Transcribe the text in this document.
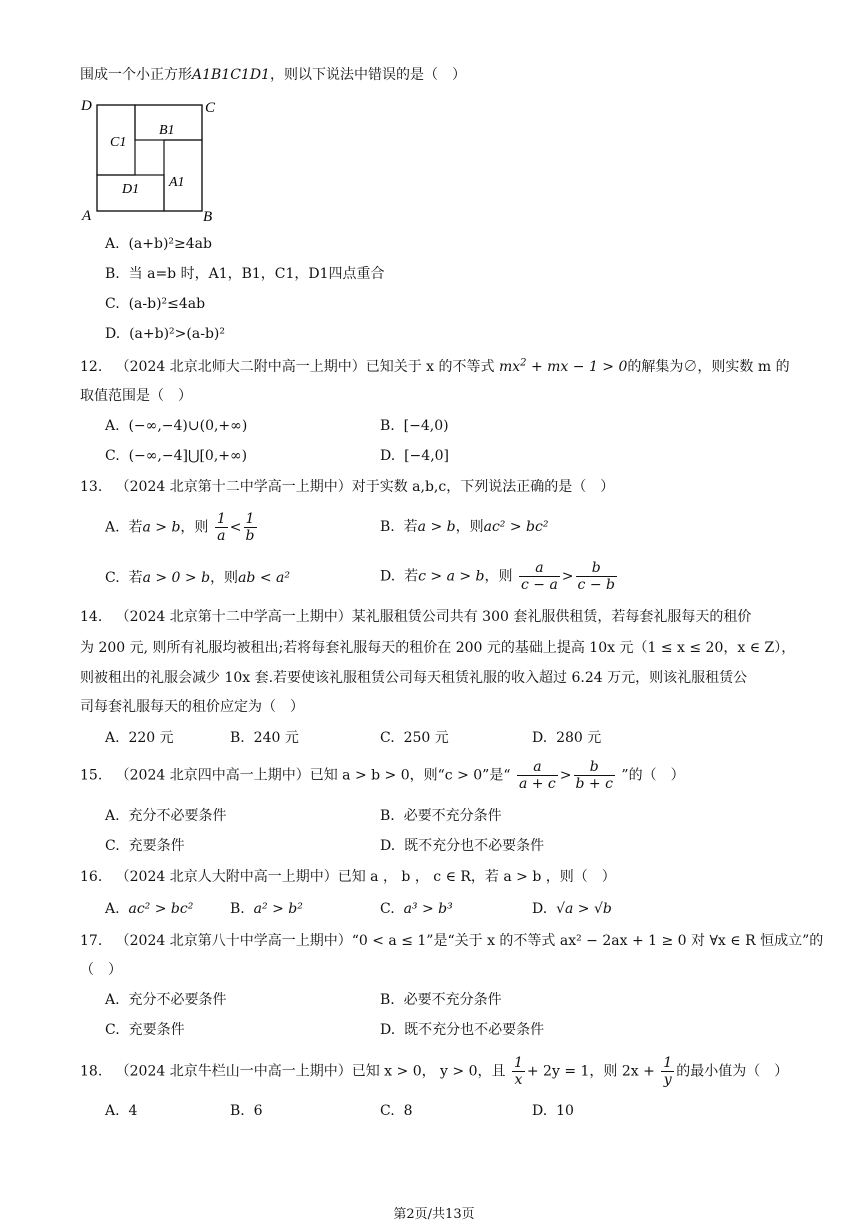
围成一个小正方形A1B1C1D1，则以下说法中错误的是（　）
D	C
A	B
C1
B1
D1 A1
A. (a+b)²≥4ab
B. 当 a=b 时，A1，B1，C1，D1四点重合
C. (a-b)²≤4ab
D. (a+b)²>(a-b)²
12. （2024 北京北师大二附中高一上期中）已知关于 x 的不等式 $mx^2$ + mx − 1 > 0的解集为∅，则实数 m 的
取值范围是（　）
A. (−∞,−4)∪(0,+∞)	B. [−4,0)
C. (−∞,−4]⋃[0,+∞)	D. [−4,0]
13. （2024 北京第十二中学高一上期中）对于实数 a,b,c，下列说法正确的是（　）
A. 若a > b，则 $\frac{1}{a} < \frac{1}{b}$	B. 若a > b，则ac² > bc²
C. 若a > 0 > b，则ab < a²	D. 若c > a > b，则 $\frac{a}{c - a} > \frac{b}{c - b}$
14. （2024 北京第十二中学高一上期中）某礼服租赁公司共有 300 套礼服供租赁，若每套礼服每天的租价
为 200 元, 则所有礼服均被租出;若将每套礼服每天的租价在 200 元的基础上提高 10x 元（1 ≤ x ≤ 20，x ∈ Z），
则被租出的礼服会减少 10x 套.若要使该礼服租赁公司每天租赁礼服的收入超过 6.24 万元，则该礼服租赁公
司每套礼服每天的租价应定为（　）
A. 220 元	B. 240 元	C. 250 元	D. 280 元
15. （2024 北京四中高一上期中）已知 a > b > 0，则“c > 0”是“ $\frac{a}{a + c} > \frac{b}{b + c}$ ”的（　）
A. 充分不必要条件	B. 必要不充分条件
C. 充要条件	D. 既不充分也不必要条件
16. （2024 北京人大附中高一上期中）已知 a ， b ， c ∈ R，若 a > b ，则（　）
A. ac² > bc²	B. a² > b²	C. a³ > b³	D. √a > √b
17. （2024 北京第八十中学高一上期中）“0 < a ≤ 1”是“关于 x 的不等式 ax² − 2ax + 1 ≥ 0 对 ∀x ∈ R 恒成立”的
（　）
A. 充分不必要条件	B. 必要不充分条件
C. 充要条件	D. 既不充分也不必要条件
18. （2024 北京牛栏山一中高一上期中）已知 x > 0， y > 0，且 $\frac{1}{x} + 2y = 1$，则 $2x + \frac{1}{y}$ 的最小值为（　）
A. 4	B. 6	C. 8	D. 10
第2页/共13页
